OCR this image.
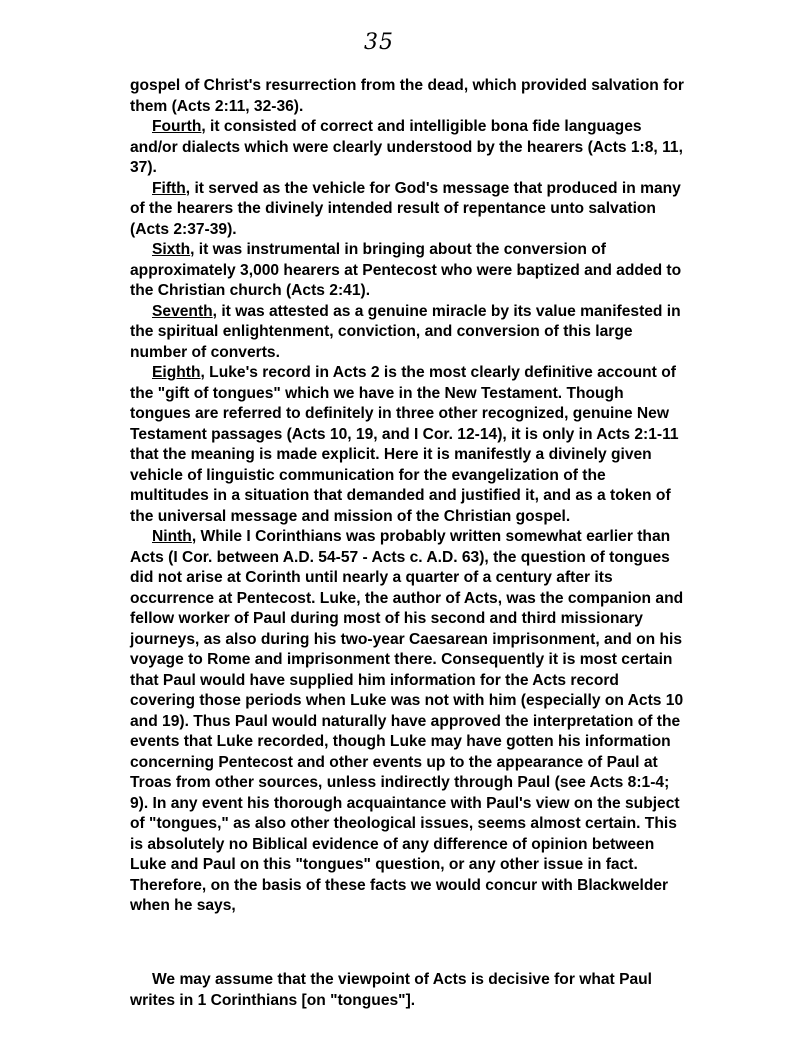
35

gospel of Christ's resurrection from the dead, which provided salvation for them (Acts 2:11, 32-36).

Fourth, it consisted of correct and intelligible bona fide languages and/or dialects which were clearly understood by the hearers (Acts 1:8, 11, 37).

Fifth, it served as the vehicle for God's message that produced in many of the hearers the divinely intended result of repentance unto salvation (Acts 2:37-39).

Sixth, it was instrumental in bringing about the conversion of approximately 3,000 hearers at Pentecost who were baptized and added to the Christian church (Acts 2:41).

Seventh, it was attested as a genuine miracle by its value manifested in the spiritual enlightenment, conviction, and conversion of this large number of converts.

Eighth, Luke's record in Acts 2 is the most clearly definitive account of the "gift of tongues" which we have in the New Testament. Though tongues are referred to definitely in three other recognized, genuine New Testament passages (Acts 10, 19, and I Cor. 12-14), it is only in Acts 2:1-11 that the meaning is made explicit. Here it is manifestly a divinely given vehicle of linguistic communication for the evangelization of the multitudes in a situation that demanded and justified it, and as a token of the universal message and mission of the Christian gospel.

Ninth, While I Corinthians was probably written somewhat earlier than Acts (I Cor. between A.D. 54-57 - Acts c. A.D. 63), the question of tongues did not arise at Corinth until nearly a quarter of a century after its occurrence at Pentecost. Luke, the author of Acts, was the companion and fellow worker of Paul during most of his second and third missionary journeys, as also during his two-year Caesarean imprisonment, and on his voyage to Rome and imprisonment there. Consequently it is most certain that Paul would have supplied him information for the Acts record covering those periods when Luke was not with him (especially on Acts 10 and 19). Thus Paul would naturally have approved the interpretation of the events that Luke recorded, though Luke may have gotten his information concerning Pentecost and other events up to the appearance of Paul at Troas from other sources, unless indirectly through Paul (see Acts 8:1-4; 9). In any event his thorough acquaintance with Paul's view on the subject of "tongues," as also other theological issues, seems almost certain. This is absolutely no Biblical evidence of any difference of opinion between Luke and Paul on this "tongues" question, or any other issue in fact. Therefore, on the basis of these facts we would concur with Blackwelder when he says,

We may assume that the viewpoint of Acts is decisive for what Paul writes in 1 Corinthians [on "tongues"].
